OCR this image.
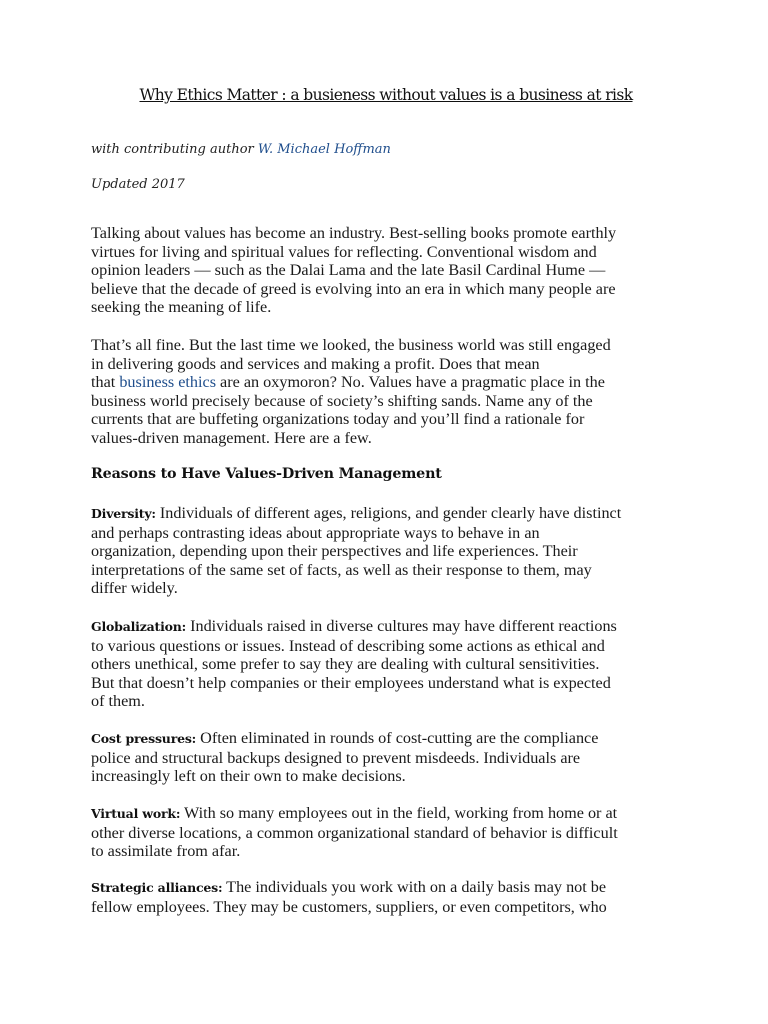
Why Ethics Matter : a busieness without values is a business at risk
with contributing author W. Michael Hoffman
Updated 2017

Talking about values has become an industry. Best-selling books promote earthly
virtues for living and spiritual values for reflecting. Conventional wisdom and
opinion leaders — such as the Dalai Lama and the late Basil Cardinal Hume —
believe that the decade of greed is evolving into an era in which many people are
seeking the meaning of life.

That’s all fine. But the last time we looked, the business world was still engaged
in delivering goods and services and making a profit. Does that mean
that business ethics are an oxymoron? No. Values have a pragmatic place in the
business world precisely because of society’s shifting sands. Name any of the
currents that are buffeting organizations today and you’ll find a rationale for
values-driven management. Here are a few.

Reasons to Have Values-Driven Management

Diversity: Individuals of different ages, religions, and gender clearly have distinct
and perhaps contrasting ideas about appropriate ways to behave in an
organization, depending upon their perspectives and life experiences. Their
interpretations of the same set of facts, as well as their response to them, may
differ widely.

Globalization: Individuals raised in diverse cultures may have different reactions
to various questions or issues. Instead of describing some actions as ethical and
others unethical, some prefer to say they are dealing with cultural sensitivities.
But that doesn’t help companies or their employees understand what is expected
of them.

Cost pressures: Often eliminated in rounds of cost-cutting are the compliance
police and structural backups designed to prevent misdeeds. Individuals are
increasingly left on their own to make decisions.

Virtual work: With so many employees out in the field, working from home or at
other diverse locations, a common organizational standard of behavior is difficult
to assimilate from afar.

Strategic alliances: The individuals you work with on a daily basis may not be
fellow employees. They may be customers, suppliers, or even competitors, who
